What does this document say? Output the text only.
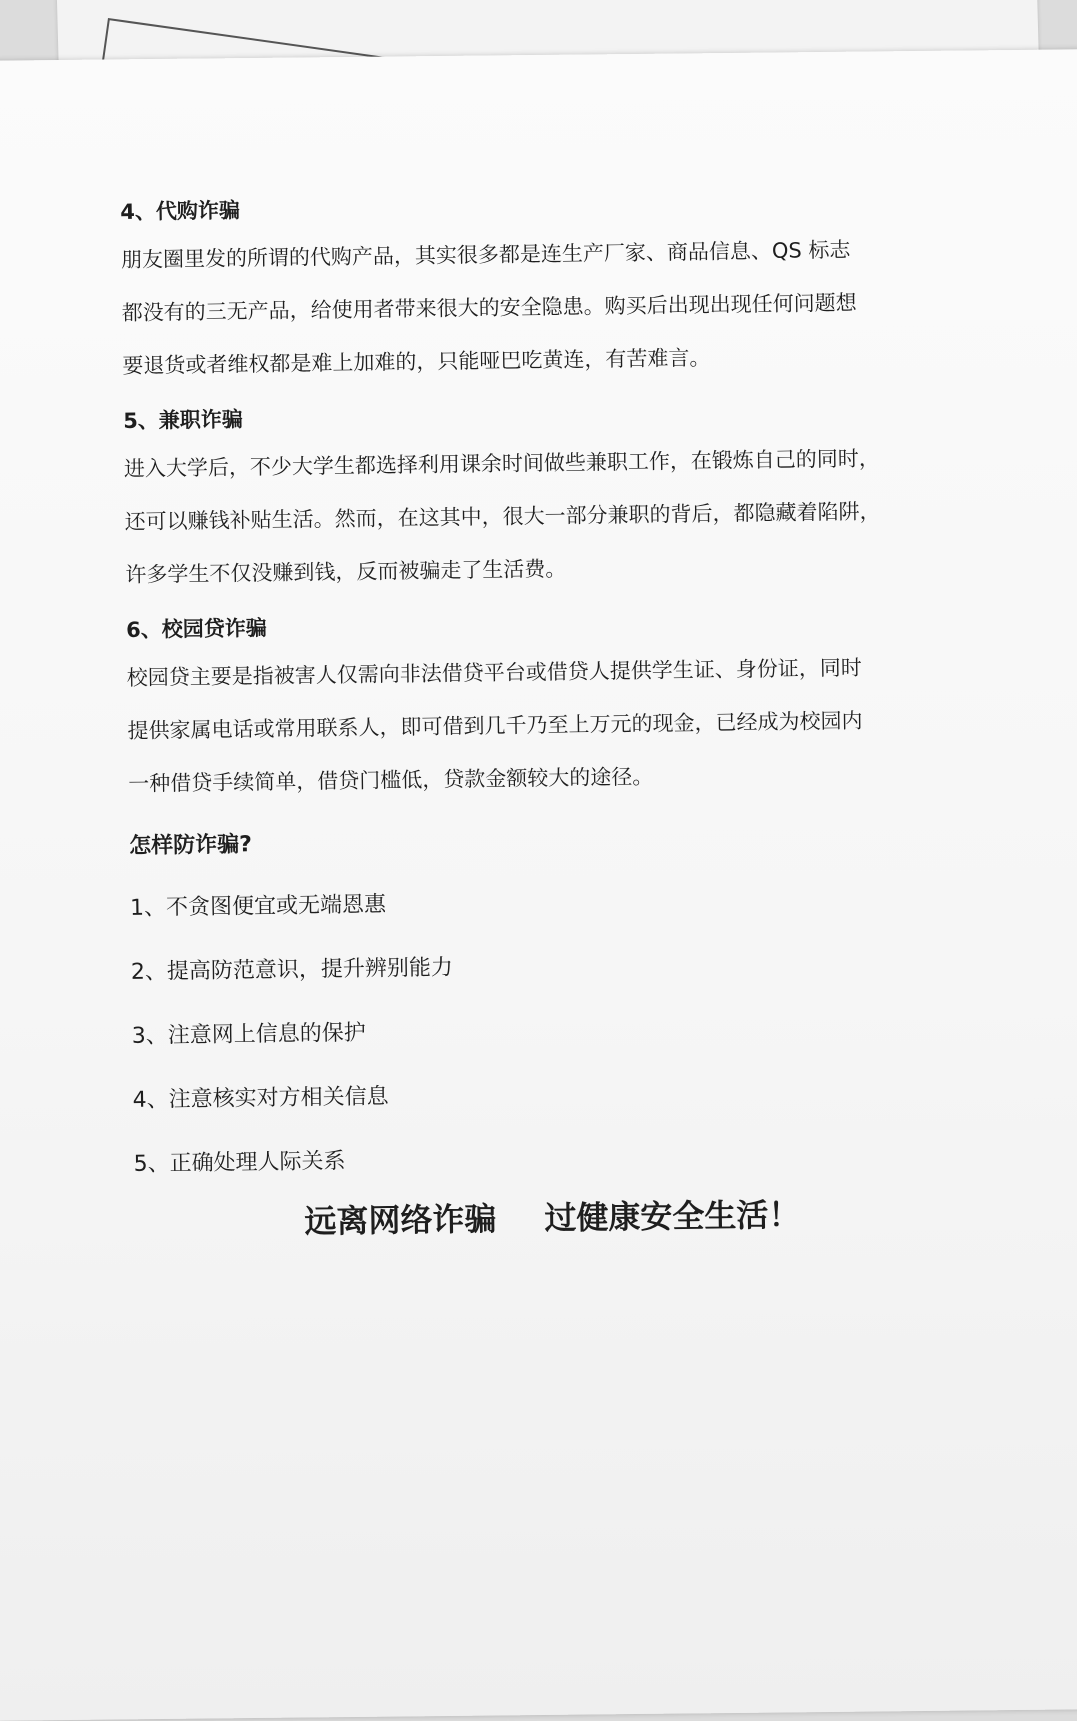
4、代购诈骗

朋友圈里发的所谓的代购产品，其实很多都是连生产厂家、商品信息、QS 标志

都没有的三无产品，给使用者带来很大的安全隐患。购买后出现出现任何问题想

要退货或者维权都是难上加难的，只能哑巴吃黄连，有苦难言。

5、兼职诈骗

进入大学后，不少大学生都选择利用课余时间做些兼职工作，在锻炼自己的同时，

还可以赚钱补贴生活。然而，在这其中，很大一部分兼职的背后，都隐藏着陷阱，

许多学生不仅没赚到钱，反而被骗走了生活费。

6、校园贷诈骗

校园贷主要是指被害人仅需向非法借贷平台或借贷人提供学生证、身份证，同时

提供家属电话或常用联系人，即可借到几千乃至上万元的现金，已经成为校园内

一种借贷手续简单，借贷门槛低，贷款金额较大的途径。

怎样防诈骗?

1、不贪图便宜或无端恩惠

2、提高防范意识，提升辨别能力

3、注意网上信息的保护

4、注意核实对方相关信息

5、正确处理人际关系

远离网络诈骗 过健康安全生活！
